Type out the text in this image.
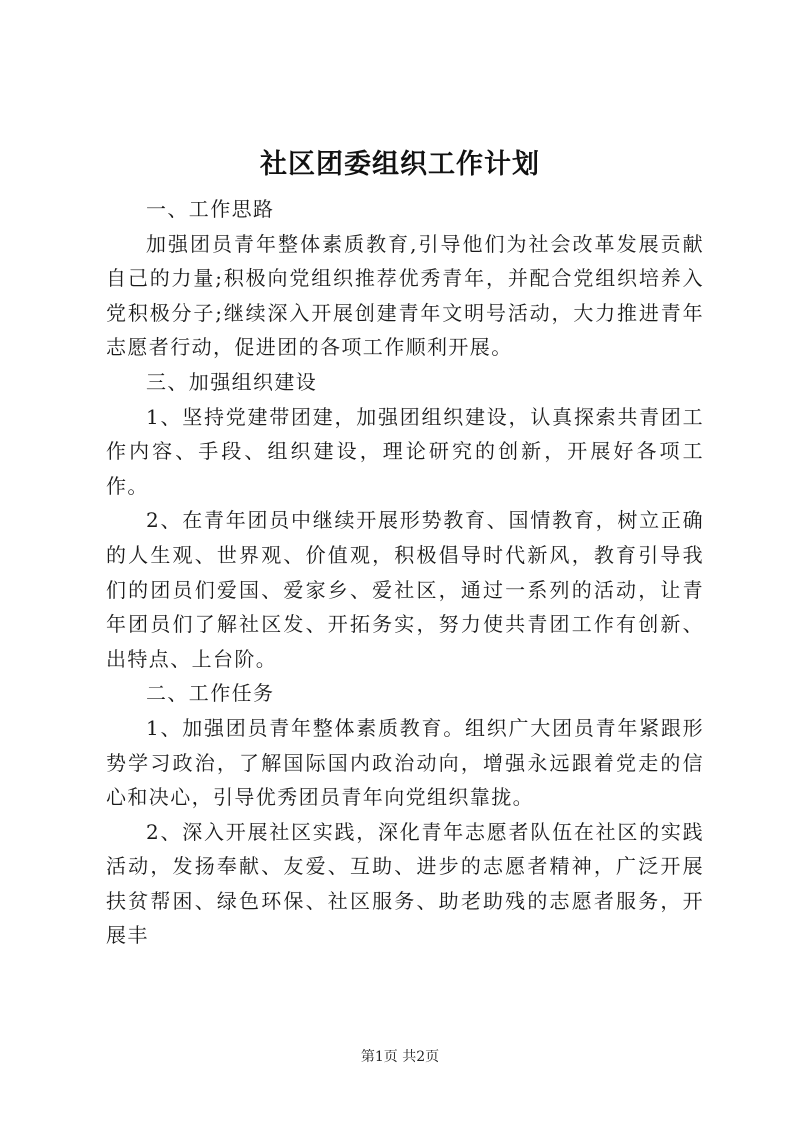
社区团委组织工作计划

一、工作思路

加强团员青年整体素质教育,引导他们为社会改革发展贡献自己的力量;积极向党组织推荐优秀青年，并配合党组织培养入党积极分子;继续深入开展创建青年文明号活动，大力推进青年志愿者行动，促进团的各项工作顺利开展。

三、加强组织建设

1、坚持党建带团建，加强团组织建设，认真探索共青团工作内容、手段、组织建设，理论研究的创新，开展好各项工作。

2、在青年团员中继续开展形势教育、国情教育，树立正确的人生观、世界观、价值观，积极倡导时代新风，教育引导我们的团员们爱国、爱家乡、爱社区，通过一系列的活动，让青年团员们了解社区发、开拓务实，努力使共青团工作有创新、出特点、上台阶。

二、工作任务

1、加强团员青年整体素质教育。组织广大团员青年紧跟形势学习政治，了解国际国内政治动向，增强永远跟着党走的信心和决心，引导优秀团员青年向党组织靠拢。

2、深入开展社区实践，深化青年志愿者队伍在社区的实践活动，发扬奉献、友爱、互助、进步的志愿者精神，广泛开展扶贫帮困、绿色环保、社区服务、助老助残的志愿者服务，开展丰

第1页 共2页
